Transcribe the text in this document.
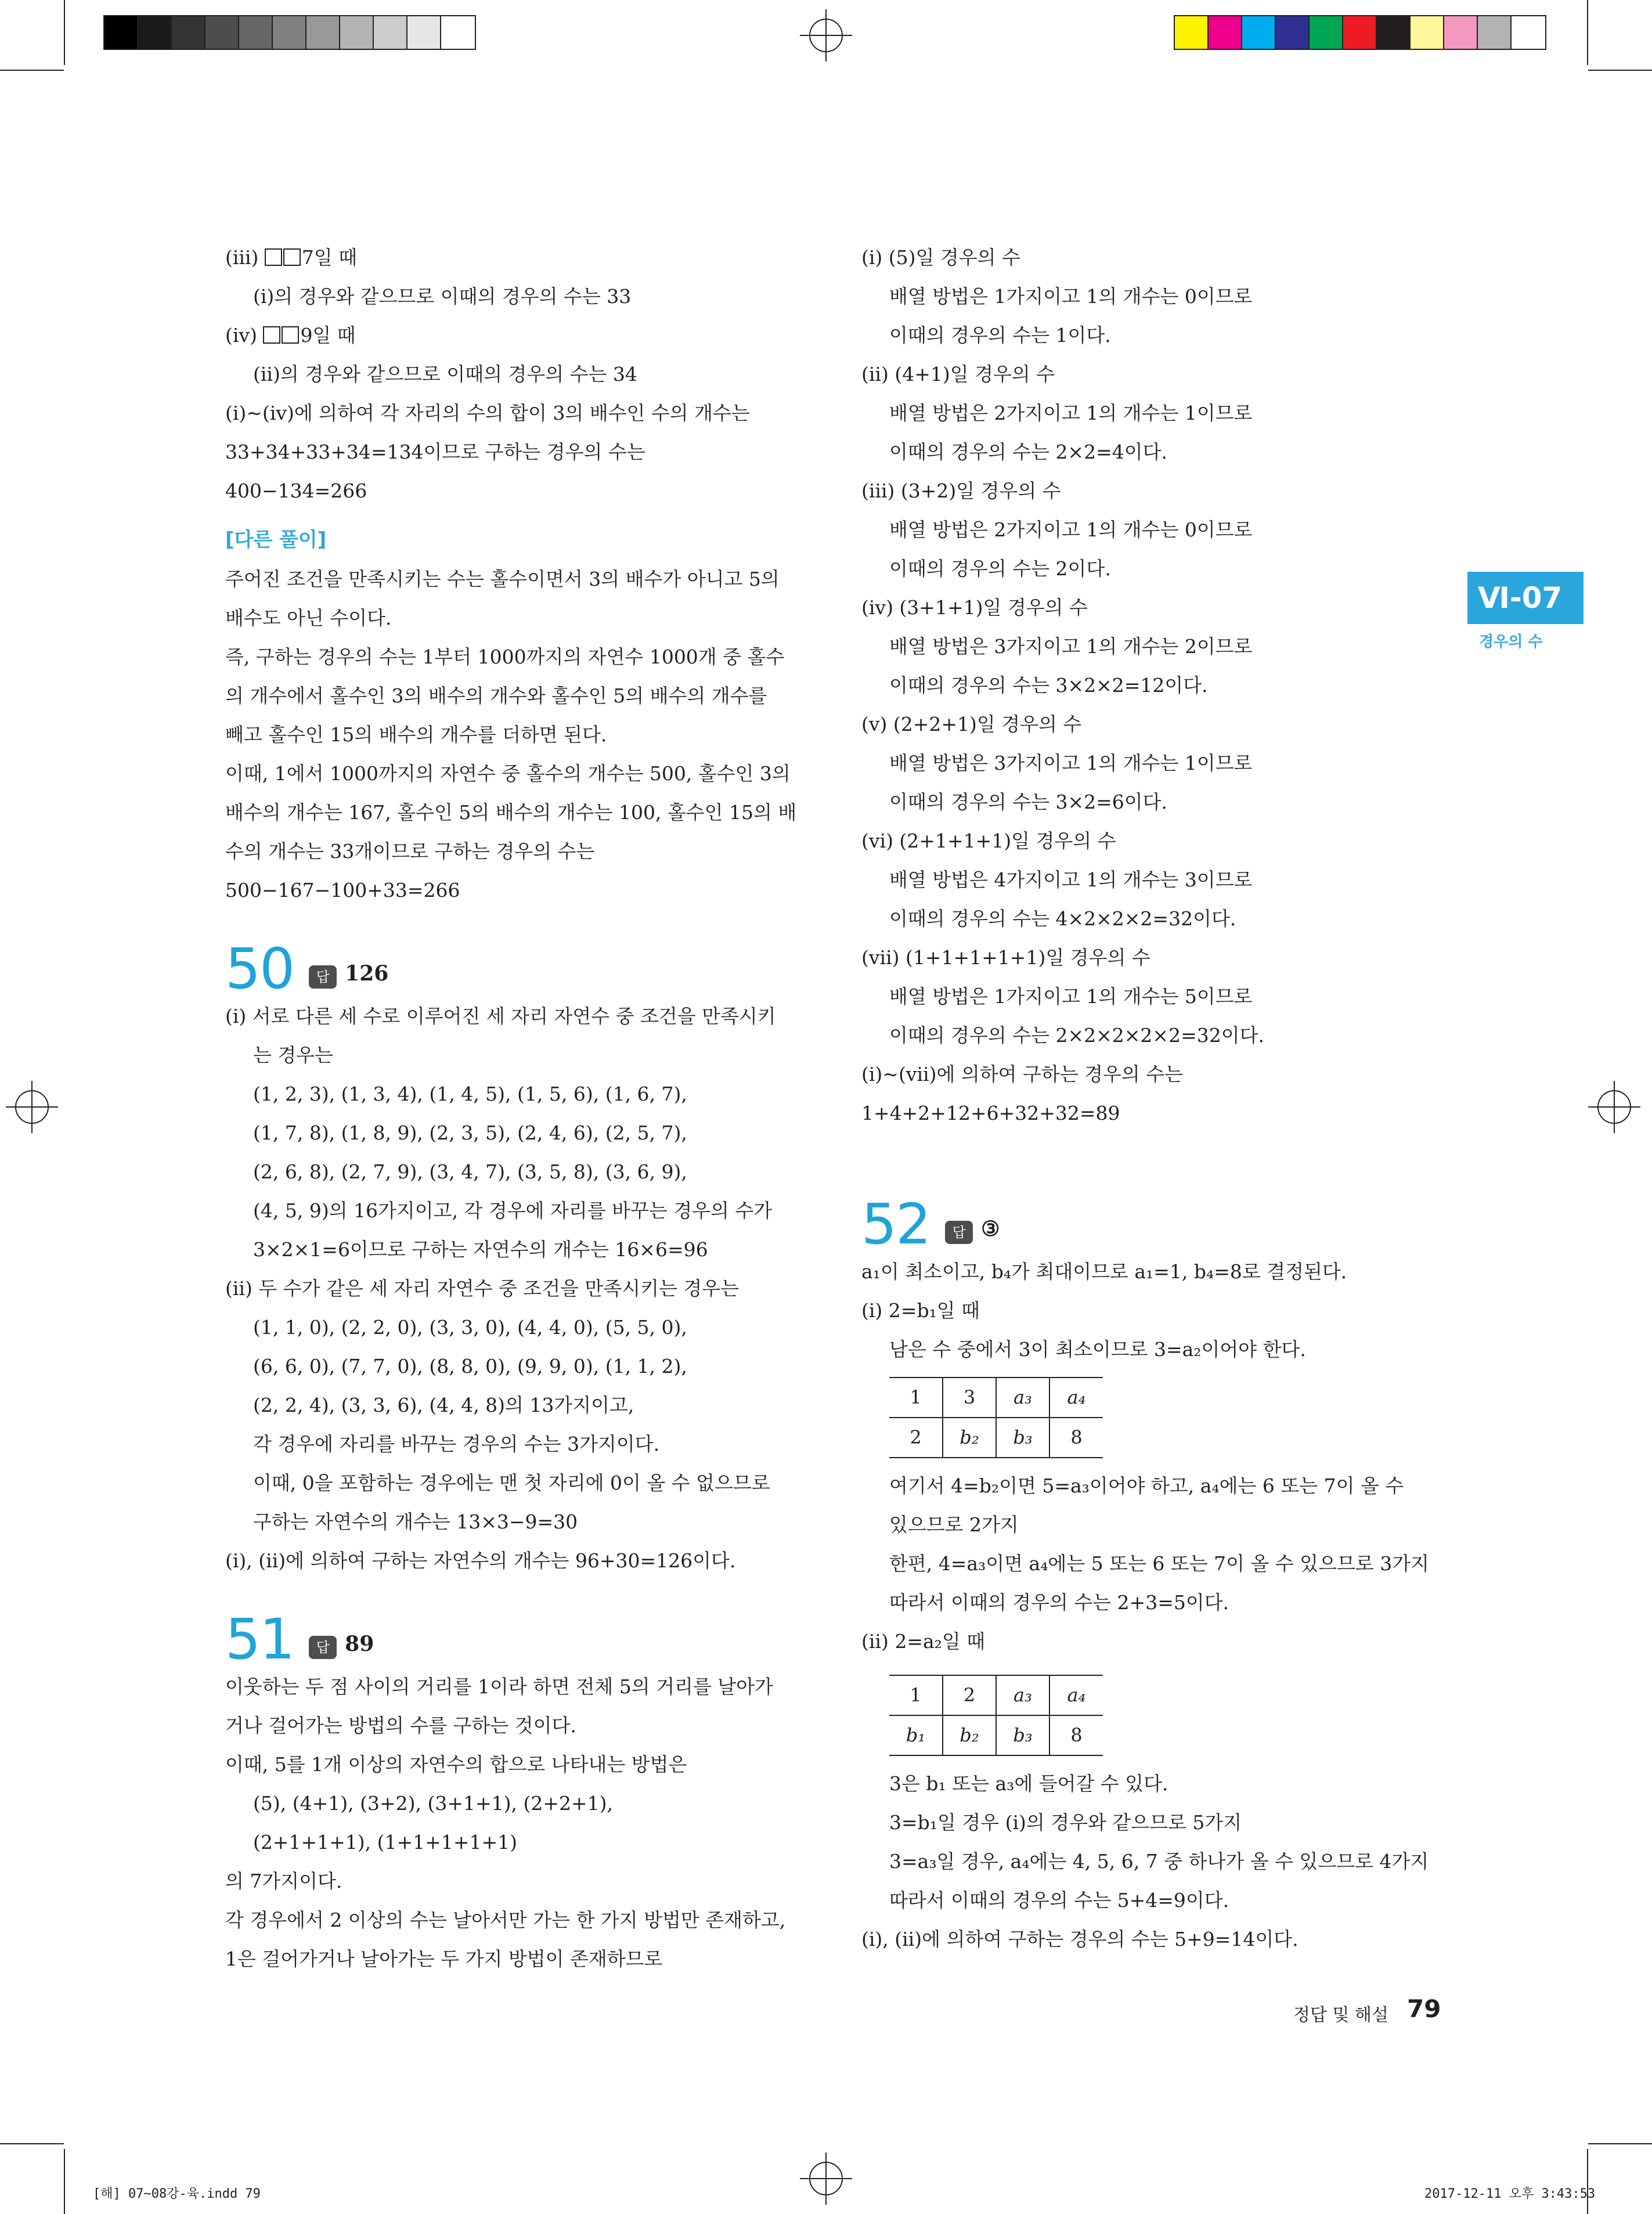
(ⅲ) 7일 때
(ⅰ)의 경우와 같으므로 이때의 경우의 수는 33
(ⅳ) 9일 때
(ⅱ)의 경우와 같으므로 이때의 경우의 수는 34
(ⅰ)~(ⅳ)에 의하여 각 자리의 수의 합이 3의 배수인 수의 개수는
33+34+33+34=134이므로 구하는 경우의 수는
400−134=266
[다른 풀이]
주어진 조건을 만족시키는 수는 홀수이면서 3의 배수가 아니고 5의
배수도 아닌 수이다.
즉, 구하는 경우의 수는 1부터 1000까지의 자연수 1000개 중 홀수
의 개수에서 홀수인 3의 배수의 개수와 홀수인 5의 배수의 개수를
빼고 홀수인 15의 배수의 개수를 더하면 된다.
이때, 1에서 1000까지의 자연수 중 홀수의 개수는 500, 홀수인 3의
배수의 개수는 167, 홀수인 5의 배수의 개수는 100, 홀수인 15의 배
수의 개수는 33개이므로 구하는 경우의 수는
500−167−100+33=266
50	답 126
(ⅰ) 서로 다른 세 수로 이루어진 세 자리 자연수 중 조건을 만족시키
는 경우는
(1, 2, 3), (1, 3, 4), (1, 4, 5), (1, 5, 6), (1, 6, 7),
(1, 7, 8), (1, 8, 9), (2, 3, 5), (2, 4, 6), (2, 5, 7),
(2, 6, 8), (2, 7, 9), (3, 4, 7), (3, 5, 8), (3, 6, 9),
(4, 5, 9)의 16가지이고, 각 경우에 자리를 바꾸는 경우의 수가
3×2×1=6이므로 구하는 자연수의 개수는 16×6=96
(ⅱ) 두 수가 같은 세 자리 자연수 중 조건을 만족시키는 경우는
(1, 1, 0), (2, 2, 0), (3, 3, 0), (4, 4, 0), (5, 5, 0),
(6, 6, 0), (7, 7, 0), (8, 8, 0), (9, 9, 0), (1, 1, 2),
(2, 2, 4), (3, 3, 6), (4, 4, 8)의 13가지이고,
각 경우에 자리를 바꾸는 경우의 수는 3가지이다.
이때, 0을 포함하는 경우에는 맨 첫 자리에 0이 올 수 없으므로
구하는 자연수의 개수는 13×3−9=30
(ⅰ), (ⅱ)에 의하여 구하는 자연수의 개수는 96+30=126이다.
51	답 89
이웃하는 두 점 사이의 거리를 1이라 하면 전체 5의 거리를 날아가
거나 걸어가는 방법의 수를 구하는 것이다.
이때, 5를 1개 이상의 자연수의 합으로 나타내는 방법은
(5), (4+1), (3+2), (3+1+1), (2+2+1),
(2+1+1+1), (1+1+1+1+1)
의 7가지이다.
각 경우에서 2 이상의 수는 날아서만 가는 한 가지 방법만 존재하고,
1은 걸어가거나 날아가는 두 가지 방법이 존재하므로
(ⅰ) (5)일 경우의 수
배열 방법은 1가지이고 1의 개수는 0이므로
이때의 경우의 수는 1이다.
(ⅱ) (4+1)일 경우의 수
배열 방법은 2가지이고 1의 개수는 1이므로
이때의 경우의 수는 2×2=4이다.
(ⅲ) (3+2)일 경우의 수
배열 방법은 2가지이고 1의 개수는 0이므로
이때의 경우의 수는 2이다.
(ⅳ) (3+1+1)일 경우의 수
배열 방법은 3가지이고 1의 개수는 2이므로
이때의 경우의 수는 3×2×2=12이다.
(ⅴ) (2+2+1)일 경우의 수
배열 방법은 3가지이고 1의 개수는 1이므로
이때의 경우의 수는 3×2=6이다.
(ⅵ) (2+1+1+1)일 경우의 수
배열 방법은 4가지이고 1의 개수는 3이므로
이때의 경우의 수는 4×2×2×2=32이다.
(ⅶ) (1+1+1+1+1)일 경우의 수
배열 방법은 1가지이고 1의 개수는 5이므로
이때의 경우의 수는 2×2×2×2×2=32이다.
(ⅰ)~(ⅶ)에 의하여 구하는 경우의 수는
1+4+2+12+6+32+32=89
52	답 ③
a₁이 최소이고, b₄가 최대이므로 a₁=1, b₄=8로 결정된다.
(ⅰ) 2=b₁일 때
남은 수 중에서 3이 최소이므로 3=a₂이어야 한다.
1	3	a₃	a₄
2	b₂	b₃	8
여기서 4=b₂이면 5=a₃이어야 하고, a₄에는 6 또는 7이 올 수
있으므로 2가지
한편, 4=a₃이면 a₄에는 5 또는 6 또는 7이 올 수 있으므로 3가지
따라서 이때의 경우의 수는 2+3=5이다.
(ⅱ) 2=a₂일 때
1	2	a₃	a₄
b₁	b₂	b₃	8
3은 b₁ 또는 a₃에 들어갈 수 있다.
3=b₁일 경우 (ⅰ)의 경우와 같으므로 5가지
3=a₃일 경우, a₄에는 4, 5, 6, 7 중 하나가 올 수 있으므로 4가지
따라서 이때의 경우의 수는 5+4=9이다.
(ⅰ), (ⅱ)에 의하여 구하는 경우의 수는 5+9=14이다.
Ⅵ-07
경우의 수
정답 및 해설 79
[해] 07~08강-육.indd 79	2017-12-11 오후 3:43:53
